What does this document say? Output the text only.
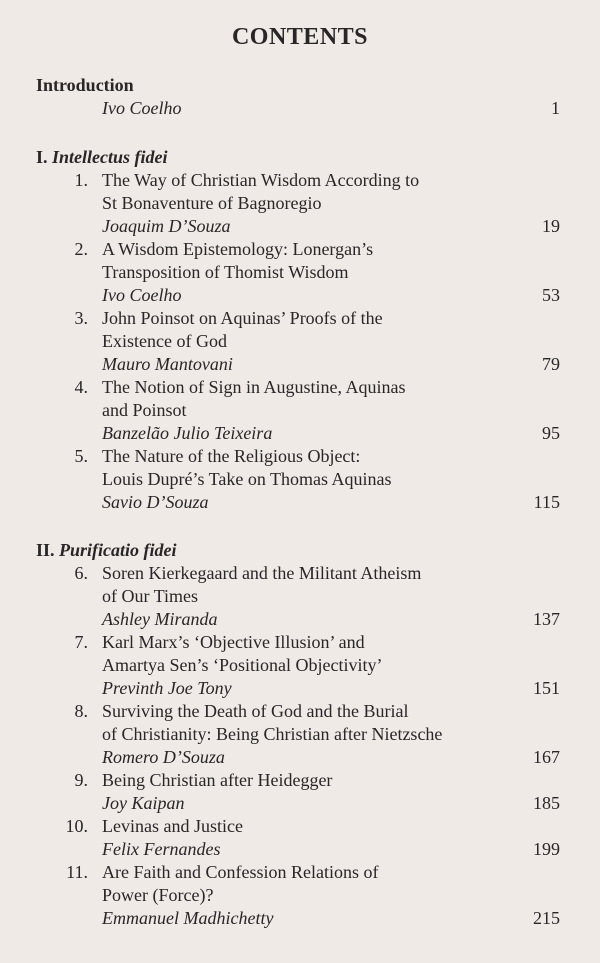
CONTENTS
Introduction
Ivo Coelho	1
I. Intellectus fidei
1. The Way of Christian Wisdom According to
St Bonaventure of Bagnoregio
Joaquim D’Souza	19
2. A Wisdom Epistemology: Lonergan’s
Transposition of Thomist Wisdom
Ivo Coelho	53
3. John Poinsot on Aquinas’ Proofs of the
Existence of God
Mauro Mantovani	79
4. The Notion of Sign in Augustine, Aquinas
and Poinsot
Banzelão Julio Teixeira	95
5. The Nature of the Religious Object:
Louis Dupré’s Take on Thomas Aquinas
Savio D’Souza	115
II. Purificatio fidei
6. Soren Kierkegaard and the Militant Atheism
of Our Times
Ashley Miranda	137
7. Karl Marx’s ‘Objective Illusion’ and
Amartya Sen’s ‘Positional Objectivity’
Previnth Joe Tony	151
8. Surviving the Death of God and the Burial
of Christianity: Being Christian after Nietzsche
Romero D’Souza	167
9. Being Christian after Heidegger
Joy Kaipan	185
10. Levinas and Justice
Felix Fernandes	199
11. Are Faith and Confession Relations of
Power (Force)?
Emmanuel Madhichetty	215
